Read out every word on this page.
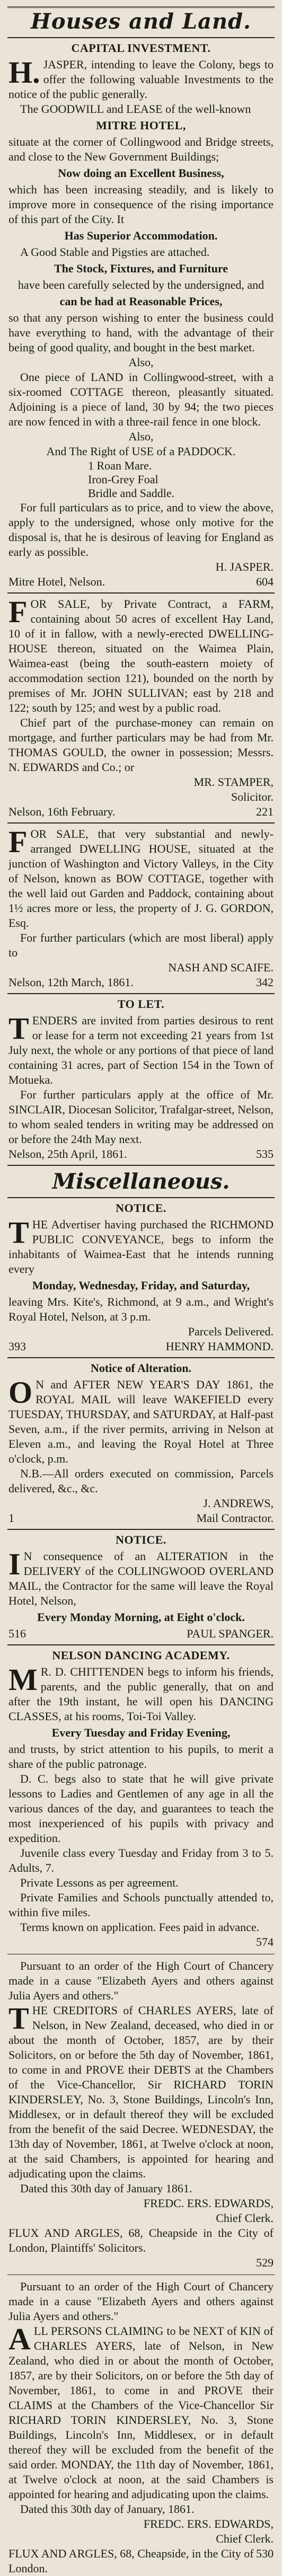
Houses and Land.
CAPITAL INVESTMENT.

H.JASPER, intending to leave the Colony, begs to offer the following valuable Investments to the notice of the public generally.

The GOODWILL and LEASE of the well-known

MITRE HOTEL,

situate at the corner of Collingwood and Bridge streets, and close to the New Government Buildings;

Now doing an Excellent Business,

which has been increasing steadily, and is likely to improve more in consequence of the rising importance of this part of the City. It

Has Superior Accommodation.

A Good Stable and Pigsties are attached.

The Stock, Fixtures, and Furniture

have been carefully selected by the undersigned, and

can be had at Reasonable Prices,

so that any person wishing to enter the business could have everything to hand, with the advantage of their being of good quality, and bought in the best market.

Also,

One piece of LAND in Collingwood-street, with a six-roomed COTTAGE thereon, pleasantly situated. Adjoining is a piece of land, 30 by 94; the two pieces are now fenced in with a three-rail fence in one block.

Also,

And The Right of USE of a PADDOCK.

1 Roan Mare.
Iron-Grey Foal
Bridle and Saddle.

For full particulars as to price, and to view the above, apply to the undersigned, whose only motive for the disposal is, that he is desirous of leaving for England as early as possible.

H. JASPER.

Mitre Hotel, Nelson.	604

FOR SALE, by Private Contract, a FARM, containing about 50 acres of excellent Hay Land, 10 of it in fallow, with a newly-erected DWELLING-HOUSE thereon, situated on the Waimea Plain, Waimea-east (being the south-eastern moiety of accommodation section 121), bounded on the north by premises of Mr. JOHN SULLIVAN; east by 218 and 122; south by 125; and west by a public road.

Chief part of the purchase-money can remain on mortgage, and further particulars may be had from Mr. THOMAS GOULD, the owner in possession; Messrs. N. EDWARDS and Co.; or

MR. STAMPER,

Solicitor.

Nelson, 16th February.	221

FOR SALE, that very substantial and newly-arranged DWELLING HOUSE, situated at the junction of Washington and Victory Valleys, in the City of Nelson, known as BOW COTTAGE, together with the well laid out Garden and Paddock, containing about 1½ acres more or less, the property of J. G. GORDON, Esq.

For further particulars (which are most liberal) apply to

NASH AND SCAIFE.

Nelson, 12th March, 1861.	342
TO LET.

TENDERS are invited from parties desirous to rent or lease for a term not exceeding 21 years from 1st July next, the whole or any portions of that piece of land containing 31 acres, part of Section 154 in the Town of Motueka.

For further particulars apply at the office of Mr. SINCLAIR, Diocesan Solicitor, Trafalgar-street, Nelson, to whom sealed tenders in writing may be addressed on or before the 24th May next.

Nelson, 25th April, 1861.	535
Miscellaneous.
NOTICE.

THE Advertiser having purchased the RICHMOND PUBLIC CONVEYANCE, begs to inform the inhabitants of Waimea-East that he intends running every

Monday, Wednesday, Friday, and Saturday,

leaving Mrs. Kite's, Richmond, at 9 a.m., and Wright's Royal Hotel, Nelson, at 3 p.m.

Parcels Delivered.

393	HENRY HAMMOND.
Notice of Alteration.

ON and AFTER NEW YEAR'S DAY 1861, the ROYAL MAIL will leave WAKEFIELD every TUESDAY, THURSDAY, and SATURDAY, at Half-past Seven, a.m., if the river permits, arriving in Nelson at Eleven a.m., and leaving the Royal Hotel at Three o'clock, p.m.

N.B.—All orders executed on commission, Parcels delivered, &c., &c.

J. ANDREWS,

1	Mail Contractor.
NOTICE.

IN consequence of an ALTERATION in the DELIVERY of the COLLINGWOOD OVERLAND MAIL, the Contractor for the same will leave the Royal Hotel, Nelson,

Every Monday Morning, at Eight o'clock.
516	PAUL SPANGER.
NELSON DANCING ACADEMY.

MR. D. CHITTENDEN begs to inform his friends, parents, and the public generally, that on and after the 19th instant, he will open his DANCING CLASSES, at his rooms, Toi-Toi Valley.

Every Tuesday and Friday Evening,

and trusts, by strict attention to his pupils, to merit a share of the public patronage.

D. C. begs also to state that he will give private lessons to Ladies and Gentlemen of any age in all the various dances of the day, and guarantees to teach the most inexperienced of his pupils with privacy and expedition.

Juvenile class every Tuesday and Friday from 3 to 5. Adults, 7.

Private Lessons as per agreement.

Private Families and Schools punctually attended to, within five miles.

Terms known on application. Fees paid in advance.

574

Pursuant to an order of the High Court of Chancery made in a cause "Elizabeth Ayers and others against Julia Ayers and others."

THE CREDITORS of CHARLES AYERS, late of Nelson, in New Zealand, deceased, who died in or about the month of October, 1857, are by their Solicitors, on or before the 5th day of November, 1861, to come in and PROVE their DEBTS at the Chambers of the Vice-Chancellor, Sir RICHARD TORIN KINDERSLEY, No. 3, Stone Buildings, Lincoln's Inn, Middlesex, or in default thereof they will be excluded from the benefit of the said Decree. WEDNESDAY, the 13th day of November, 1861, at Twelve o'clock at noon, at the said Chambers, is appointed for hearing and adjudicating upon the claims.

Dated this 30th day of January 1861.

FREDC. ERS. EDWARDS,

Chief Clerk.

FLUX AND ARGLES, 68, Cheapside in the City of London, Plaintiffs' Solicitors.

529

Pursuant to an order of the High Court of Chancery made in a cause "Elizabeth Ayers and others against Julia Ayers and others."

ALL PERSONS CLAIMING to be NEXT of KIN of CHARLES AYERS, late of Nelson, in New Zealand, who died in or about the month of October, 1857, are by their Solicitors, on or before the 5th day of November, 1861, to come in and PROVE their CLAIMS at the Chambers of the Vice-Chancellor Sir RICHARD TORIN KINDERSLEY, No. 3, Stone Buildings, Lincoln's Inn, Middlesex, or in default thereof they will be excluded from the benefit of the said order. MONDAY, the 11th day of November, 1861, at Twelve o'clock at noon, at the said Chambers is appointed for hearing and adjudicating upon the claims.

Dated this 30th day of January, 1861.

FREDC. ERS. EDWARDS,

Chief Clerk.

FLUX AND ARGLES, 68, Cheapside, in the City of London.
530
